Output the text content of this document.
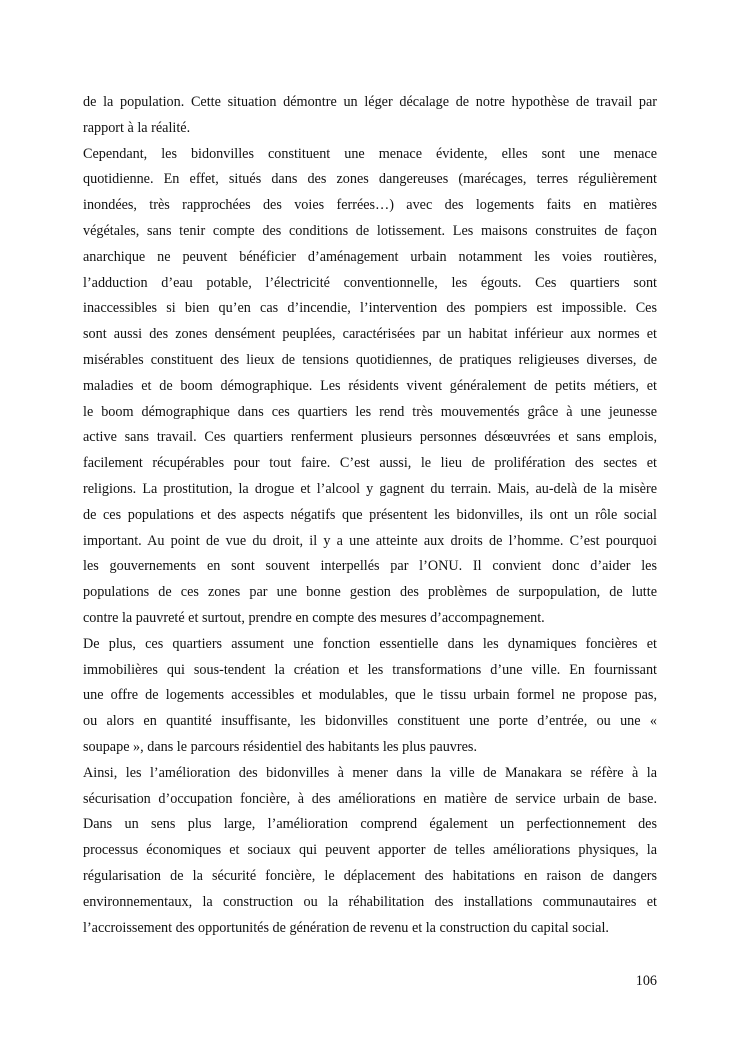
de la population. Cette situation démontre un léger décalage de notre hypothèse de travail par
rapport à la réalité.
Cependant, les bidonvilles constituent une menace évidente, elles sont une menace
quotidienne. En effet, situés dans des zones dangereuses (marécages, terres régulièrement
inondées, très rapprochées des voies ferrées…) avec des logements faits en matières
végétales, sans tenir compte des conditions de lotissement. Les maisons construites de façon
anarchique ne peuvent bénéficier d’aménagement urbain notamment les voies routières,
l’adduction d’eau potable, l’électricité conventionnelle, les égouts. Ces quartiers sont
inaccessibles si bien qu’en cas d’incendie, l’intervention des pompiers est impossible. Ces
sont aussi des zones densément peuplées, caractérisées par un habitat inférieur aux normes et
misérables constituent des lieux de tensions quotidiennes, de pratiques religieuses diverses, de
maladies et de boom démographique. Les résidents vivent généralement de petits métiers, et
le boom démographique dans ces quartiers les rend très mouvementés grâce à une jeunesse
active sans travail. Ces quartiers renferment plusieurs personnes désœuvrées et sans emplois,
facilement récupérables pour tout faire. C’est aussi, le lieu de prolifération des sectes et
religions. La prostitution, la drogue et l’alcool y gagnent du terrain. Mais, au-delà de la misère
de ces populations et des aspects négatifs que présentent les bidonvilles, ils ont un rôle social
important. Au point de vue du droit, il y a une atteinte aux droits de l’homme. C’est pourquoi
les gouvernements en sont souvent interpellés par l’ONU. Il convient donc d’aider les
populations de ces zones par une bonne gestion des problèmes de surpopulation, de lutte
contre la pauvreté et surtout, prendre en compte des mesures d’accompagnement.
De plus, ces quartiers assument une fonction essentielle dans les dynamiques foncières et
immobilières qui sous-tendent la création et les transformations d’une ville. En fournissant
une offre de logements accessibles et modulables, que le tissu urbain formel ne propose pas,
ou alors en quantité insuffisante, les bidonvilles constituent une porte d’entrée, ou une «
soupape », dans le parcours résidentiel des habitants les plus pauvres.
Ainsi, les l’amélioration des bidonvilles à mener dans la ville de Manakara se réfère à la
sécurisation d’occupation foncière, à des améliorations en matière de service urbain de base.
Dans un sens plus large, l’amélioration comprend également un perfectionnement des
processus économiques et sociaux qui peuvent apporter de telles améliorations physiques, la
régularisation de la sécurité foncière, le déplacement des habitations en raison de dangers
environnementaux, la construction ou la réhabilitation des installations communautaires et
l’accroissement des opportunités de génération de revenu et la construction du capital social.
106
